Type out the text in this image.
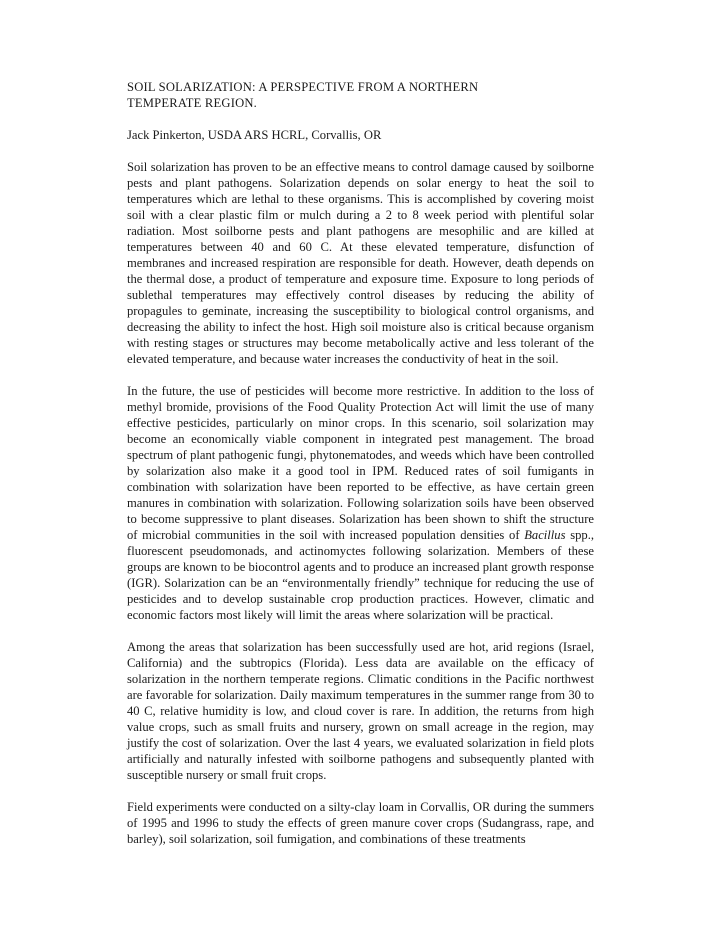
SOIL SOLARIZATION: A PERSPECTIVE FROM A NORTHERN
TEMPERATE REGION.

Jack Pinkerton, USDA ARS HCRL, Corvallis, OR

Soil solarization has proven to be an effective means to control damage caused by soilborne pests and plant pathogens. Solarization depends on solar energy to heat the soil to temperatures which are lethal to these organisms. This is accomplished by covering moist soil with a clear plastic film or mulch during a 2 to 8 week period with plentiful solar radiation. Most soilborne pests and plant pathogens are mesophilic and are killed at temperatures between 40 and 60 C. At these elevated temperature, disfunction of membranes and increased respiration are responsible for death. However, death depends on the thermal dose, a product of temperature and exposure time. Exposure to long periods of sublethal temperatures may effectively control diseases by reducing the ability of propagules to geminate, increasing the susceptibility to biological control organisms, and decreasing the ability to infect the host. High soil moisture also is critical because organism with resting stages or structures may become metabolically active and less tolerant of the elevated temperature, and because water increases the conductivity of heat in the soil.

In the future, the use of pesticides will become more restrictive. In addition to the loss of methyl bromide, provisions of the Food Quality Protection Act will limit the use of many effective pesticides, particularly on minor crops. In this scenario, soil solarization may become an economically viable component in integrated pest management. The broad spectrum of plant pathogenic fungi, phytonematodes, and weeds which have been controlled by solarization also make it a good tool in IPM. Reduced rates of soil fumigants in combination with solarization have been reported to be effective, as have certain green manures in combination with solarization. Following solarization soils have been observed to become suppressive to plant diseases. Solarization has been shown to shift the structure of microbial communities in the soil with increased population densities of Bacillus spp., fluorescent pseudomonads, and actinomyctes following solarization. Members of these groups are known to be biocontrol agents and to produce an increased plant growth response (IGR). Solarization can be an “environmentally friendly” technique for reducing the use of pesticides and to develop sustainable crop production practices. However, climatic and economic factors most likely will limit the areas where solarization will be practical.

Among the areas that solarization has been successfully used are hot, arid regions (Israel, California) and the subtropics (Florida). Less data are available on the efficacy of solarization in the northern temperate regions. Climatic conditions in the Pacific northwest are favorable for solarization. Daily maximum temperatures in the summer range from 30 to 40 C, relative humidity is low, and cloud cover is rare. In addition, the returns from high value crops, such as small fruits and nursery, grown on small acreage in the region, may justify the cost of solarization. Over the last 4 years, we evaluated solarization in field plots artificially and naturally infested with soilborne pathogens and subsequently planted with susceptible nursery or small fruit crops.

Field experiments were conducted on a silty-clay loam in Corvallis, OR during the summers of 1995 and 1996 to study the effects of green manure cover crops (Sudangrass, rape, and barley), soil solarization, soil fumigation, and combinations of these treatments
